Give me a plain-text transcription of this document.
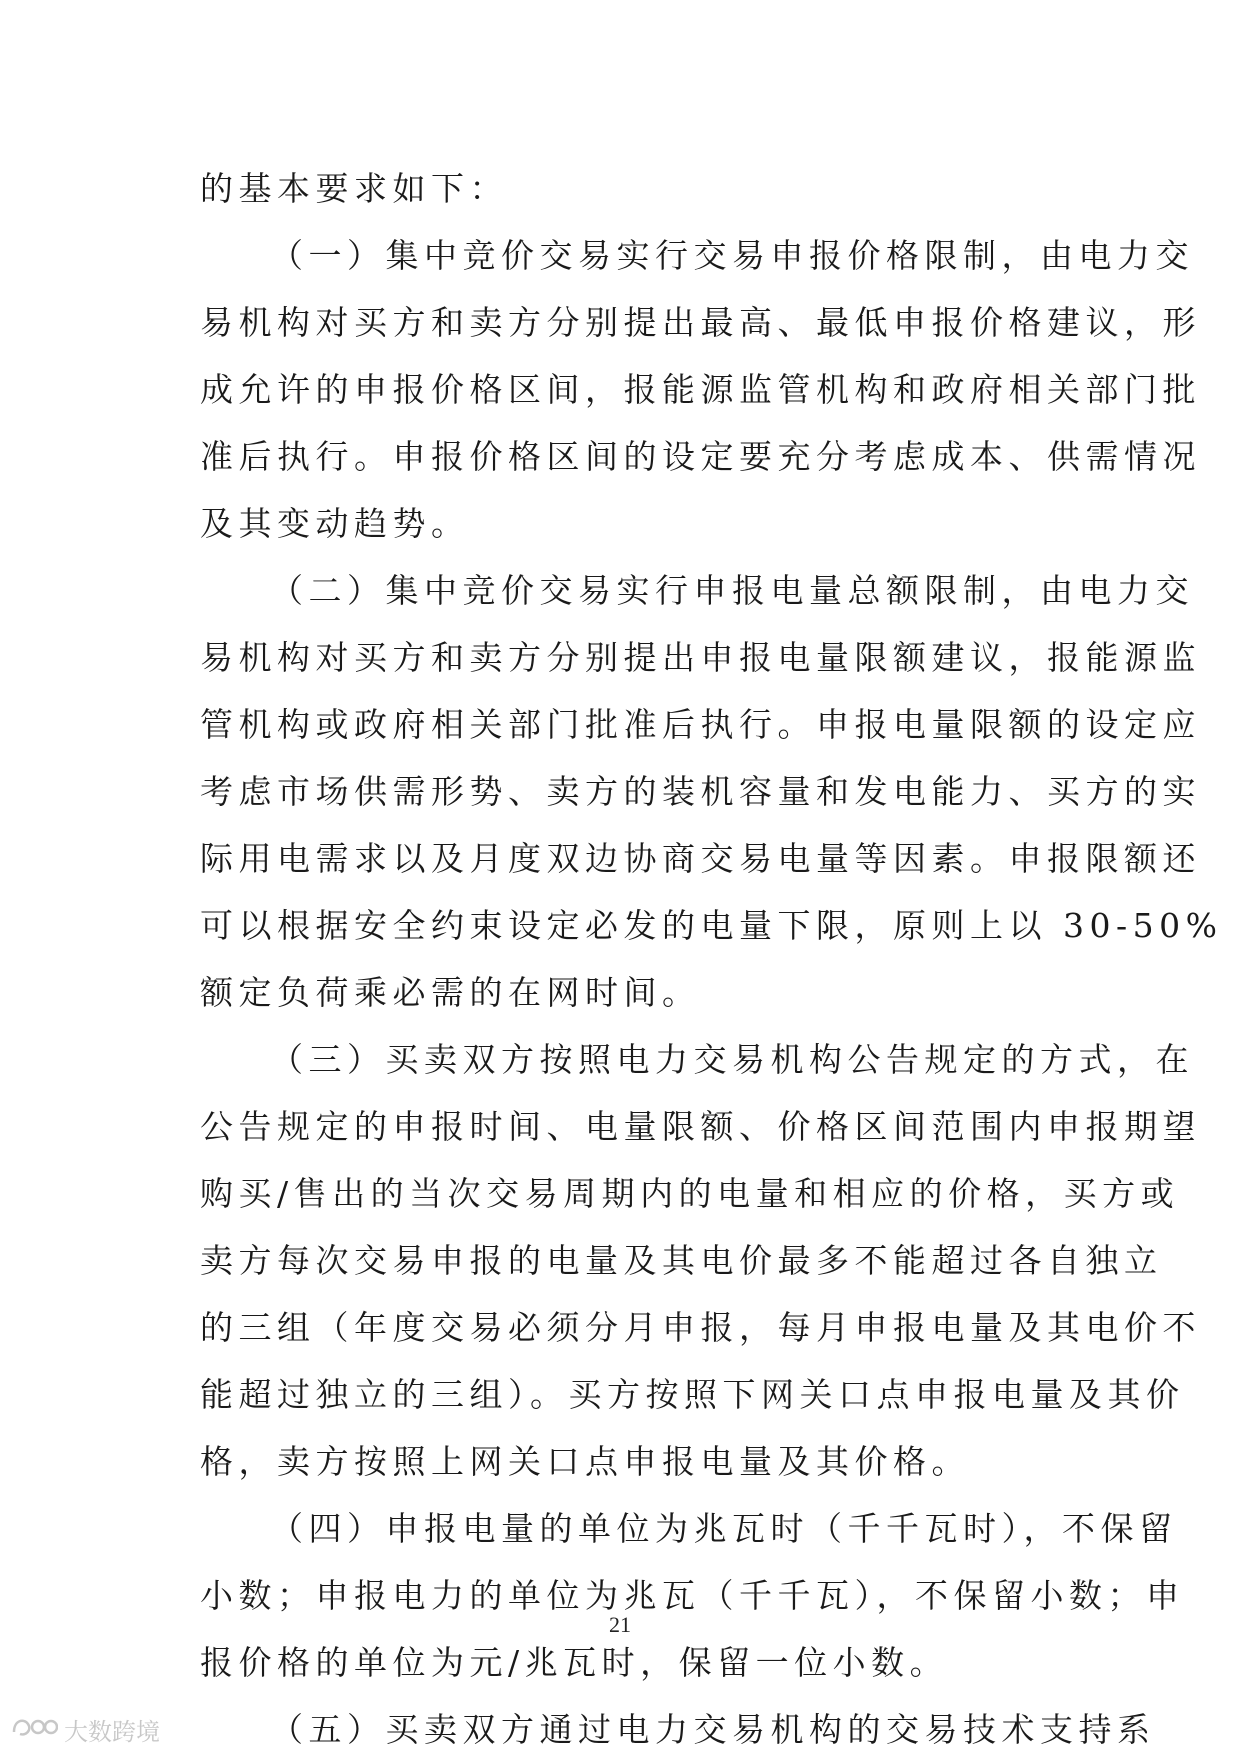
的基本要求如下：
（一）集中竞价交易实行交易申报价格限制，由电力交
易机构对买方和卖方分别提出最高、最低申报价格建议，形
成允许的申报价格区间，报能源监管机构和政府相关部门批
准后执行。申报价格区间的设定要充分考虑成本、供需情况
及其变动趋势。
（二）集中竞价交易实行申报电量总额限制，由电力交
易机构对买方和卖方分别提出申报电量限额建议，报能源监
管机构或政府相关部门批准后执行。申报电量限额的设定应
考虑市场供需形势、卖方的装机容量和发电能力、买方的实
际用电需求以及月度双边协商交易电量等因素。申报限额还
可以根据安全约束设定必发的电量下限，原则上以 30-50%
额定负荷乘必需的在网时间。
（三）买卖双方按照电力交易机构公告规定的方式，在
公告规定的申报时间、电量限额、价格区间范围内申报期望
购买/售出的当次交易周期内的电量和相应的价格，买方或
卖方每次交易申报的电量及其电价最多不能超过各自独立
的三组（年度交易必须分月申报，每月申报电量及其电价不
能超过独立的三组）。买方按照下网关口点申报电量及其价
格，卖方按照上网关口点申报电量及其价格。
（四）申报电量的单位为兆瓦时（千千瓦时），不保留
小数；申报电力的单位为兆瓦（千千瓦），不保留小数；申
报价格的单位为元/兆瓦时，保留一位小数。
（五）买卖双方通过电力交易机构的交易技术支持系
21
大数跨境
